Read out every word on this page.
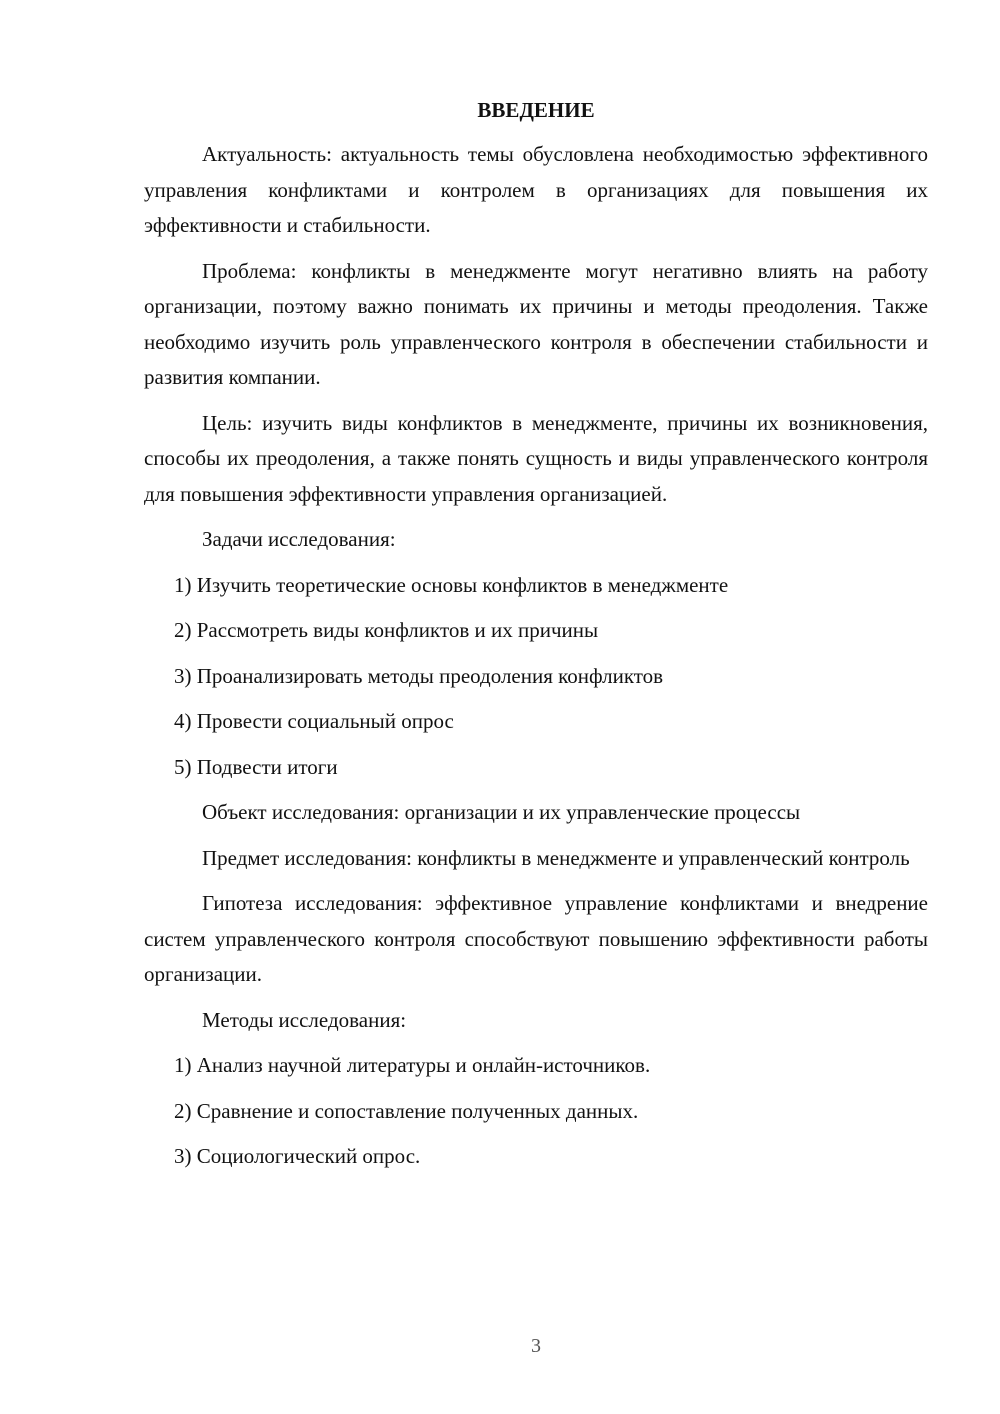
ВВЕДЕНИЕ

Актуальность: актуальность темы обусловлена необходимостью эффективного управления конфликтами и контролем в организациях для повышения их эффективности и стабильности.

Проблема: конфликты в менеджменте могут негативно влиять на работу организации, поэтому важно понимать их причины и методы преодоления. Также необходимо изучить роль управленческого контроля в обеспечении стабильности и развития компании.

Цель: изучить виды конфликтов в менеджменте, причины их возникновения, способы их преодоления, а также понять сущность и виды управленческого контроля для повышения эффективности управления организацией.

Задачи исследования:

1) Изучить теоретические основы конфликтов в менеджменте
2) Рассмотреть виды конфликтов и их причины
3) Проанализировать методы преодоления конфликтов
4) Провести социальный опрос
5) Подвести итоги

Объект исследования: организации и их управленческие процессы

Предмет исследования: конфликты в менеджменте и управленческий контроль

Гипотеза исследования: эффективное управление конфликтами и внедрение систем управленческого контроля способствуют повышению эффективности работы организации.

Методы исследования:

1) Анализ научной литературы и онлайн-источников.
2) Сравнение и сопоставление полученных данных.
3) Социологический опрос.
3
